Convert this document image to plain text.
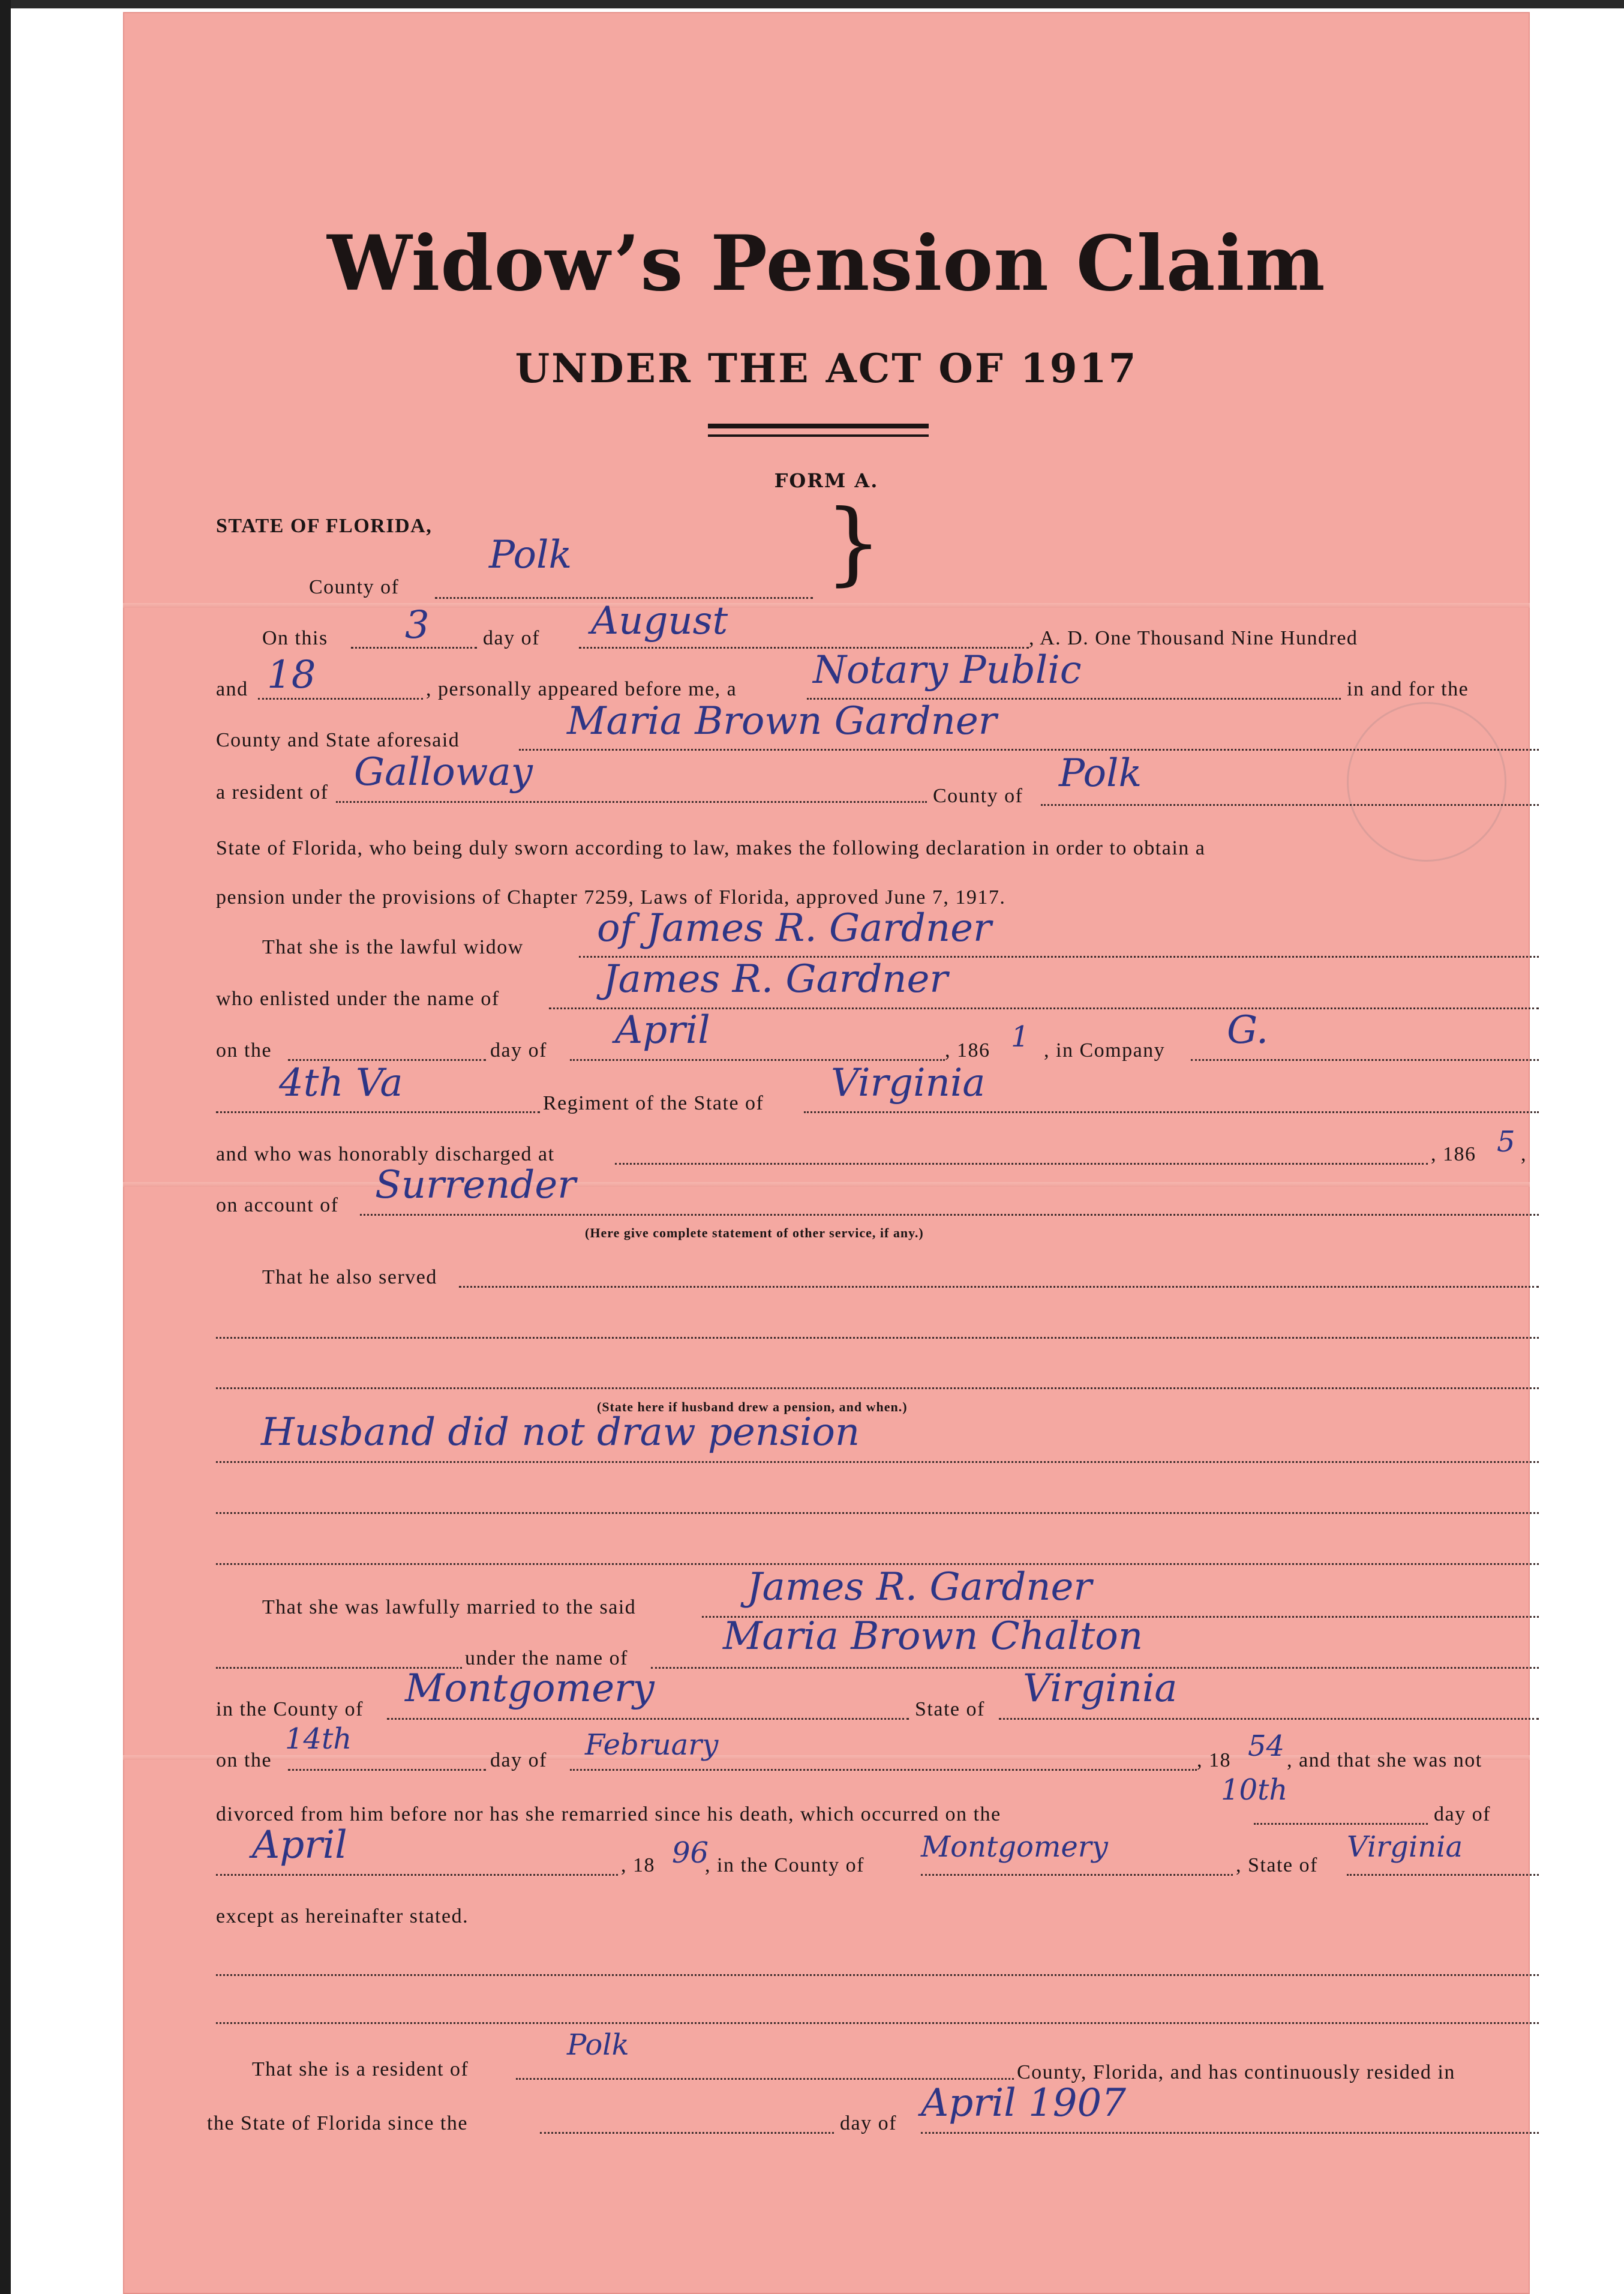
Widow’s Pension Claim
UNDER THE ACT OF 1917
FORM A.
STATE OF FLORIDA,
County of
Polk	}
On this 3	day of August	, A. D. One Thousand Nine Hundred
and 18	, personally appeared before me, a Notary Public	in and for the
County and State aforesaid	Maria Brown Gardner
a resident of Galloway
County of
Polk
State of Florida, who being duly sworn according to law, makes the following declaration in order to obtain a
pension under the provisions of Chapter 7259, Laws of Florida, approved June 7, 1917.
That she is the lawful widow of James R. Gardner
who enlisted under the name of	James R. Gardner
on the	day of April	, 186 1 , in Company G.
4th Va	Regiment of the State of Virginia
and who was honorably discharged at	, 186 5 ,
on account of Surrender
(Here give complete statement of other service, if any.)
That he also served
(State here if husband drew a pension, and when.)
Husband did not draw pension
That she was lawfully married to the said	James R. Gardner
under the name of Maria Brown Chalton
in the County of Montgomery	State of Virginia
on the
14th
day of February	, 18 54 , and that she was not
divorced from him before nor has she remarried since his death, which occurred on the
10th
day of
April	, 18 96
, in the County of
Montgomery
, State of
Virginia
except as hereinafter stated.
That she is a resident of
Polk
County, Florida, and has continuously resided in
the State of Florida since the	day of April 1907
